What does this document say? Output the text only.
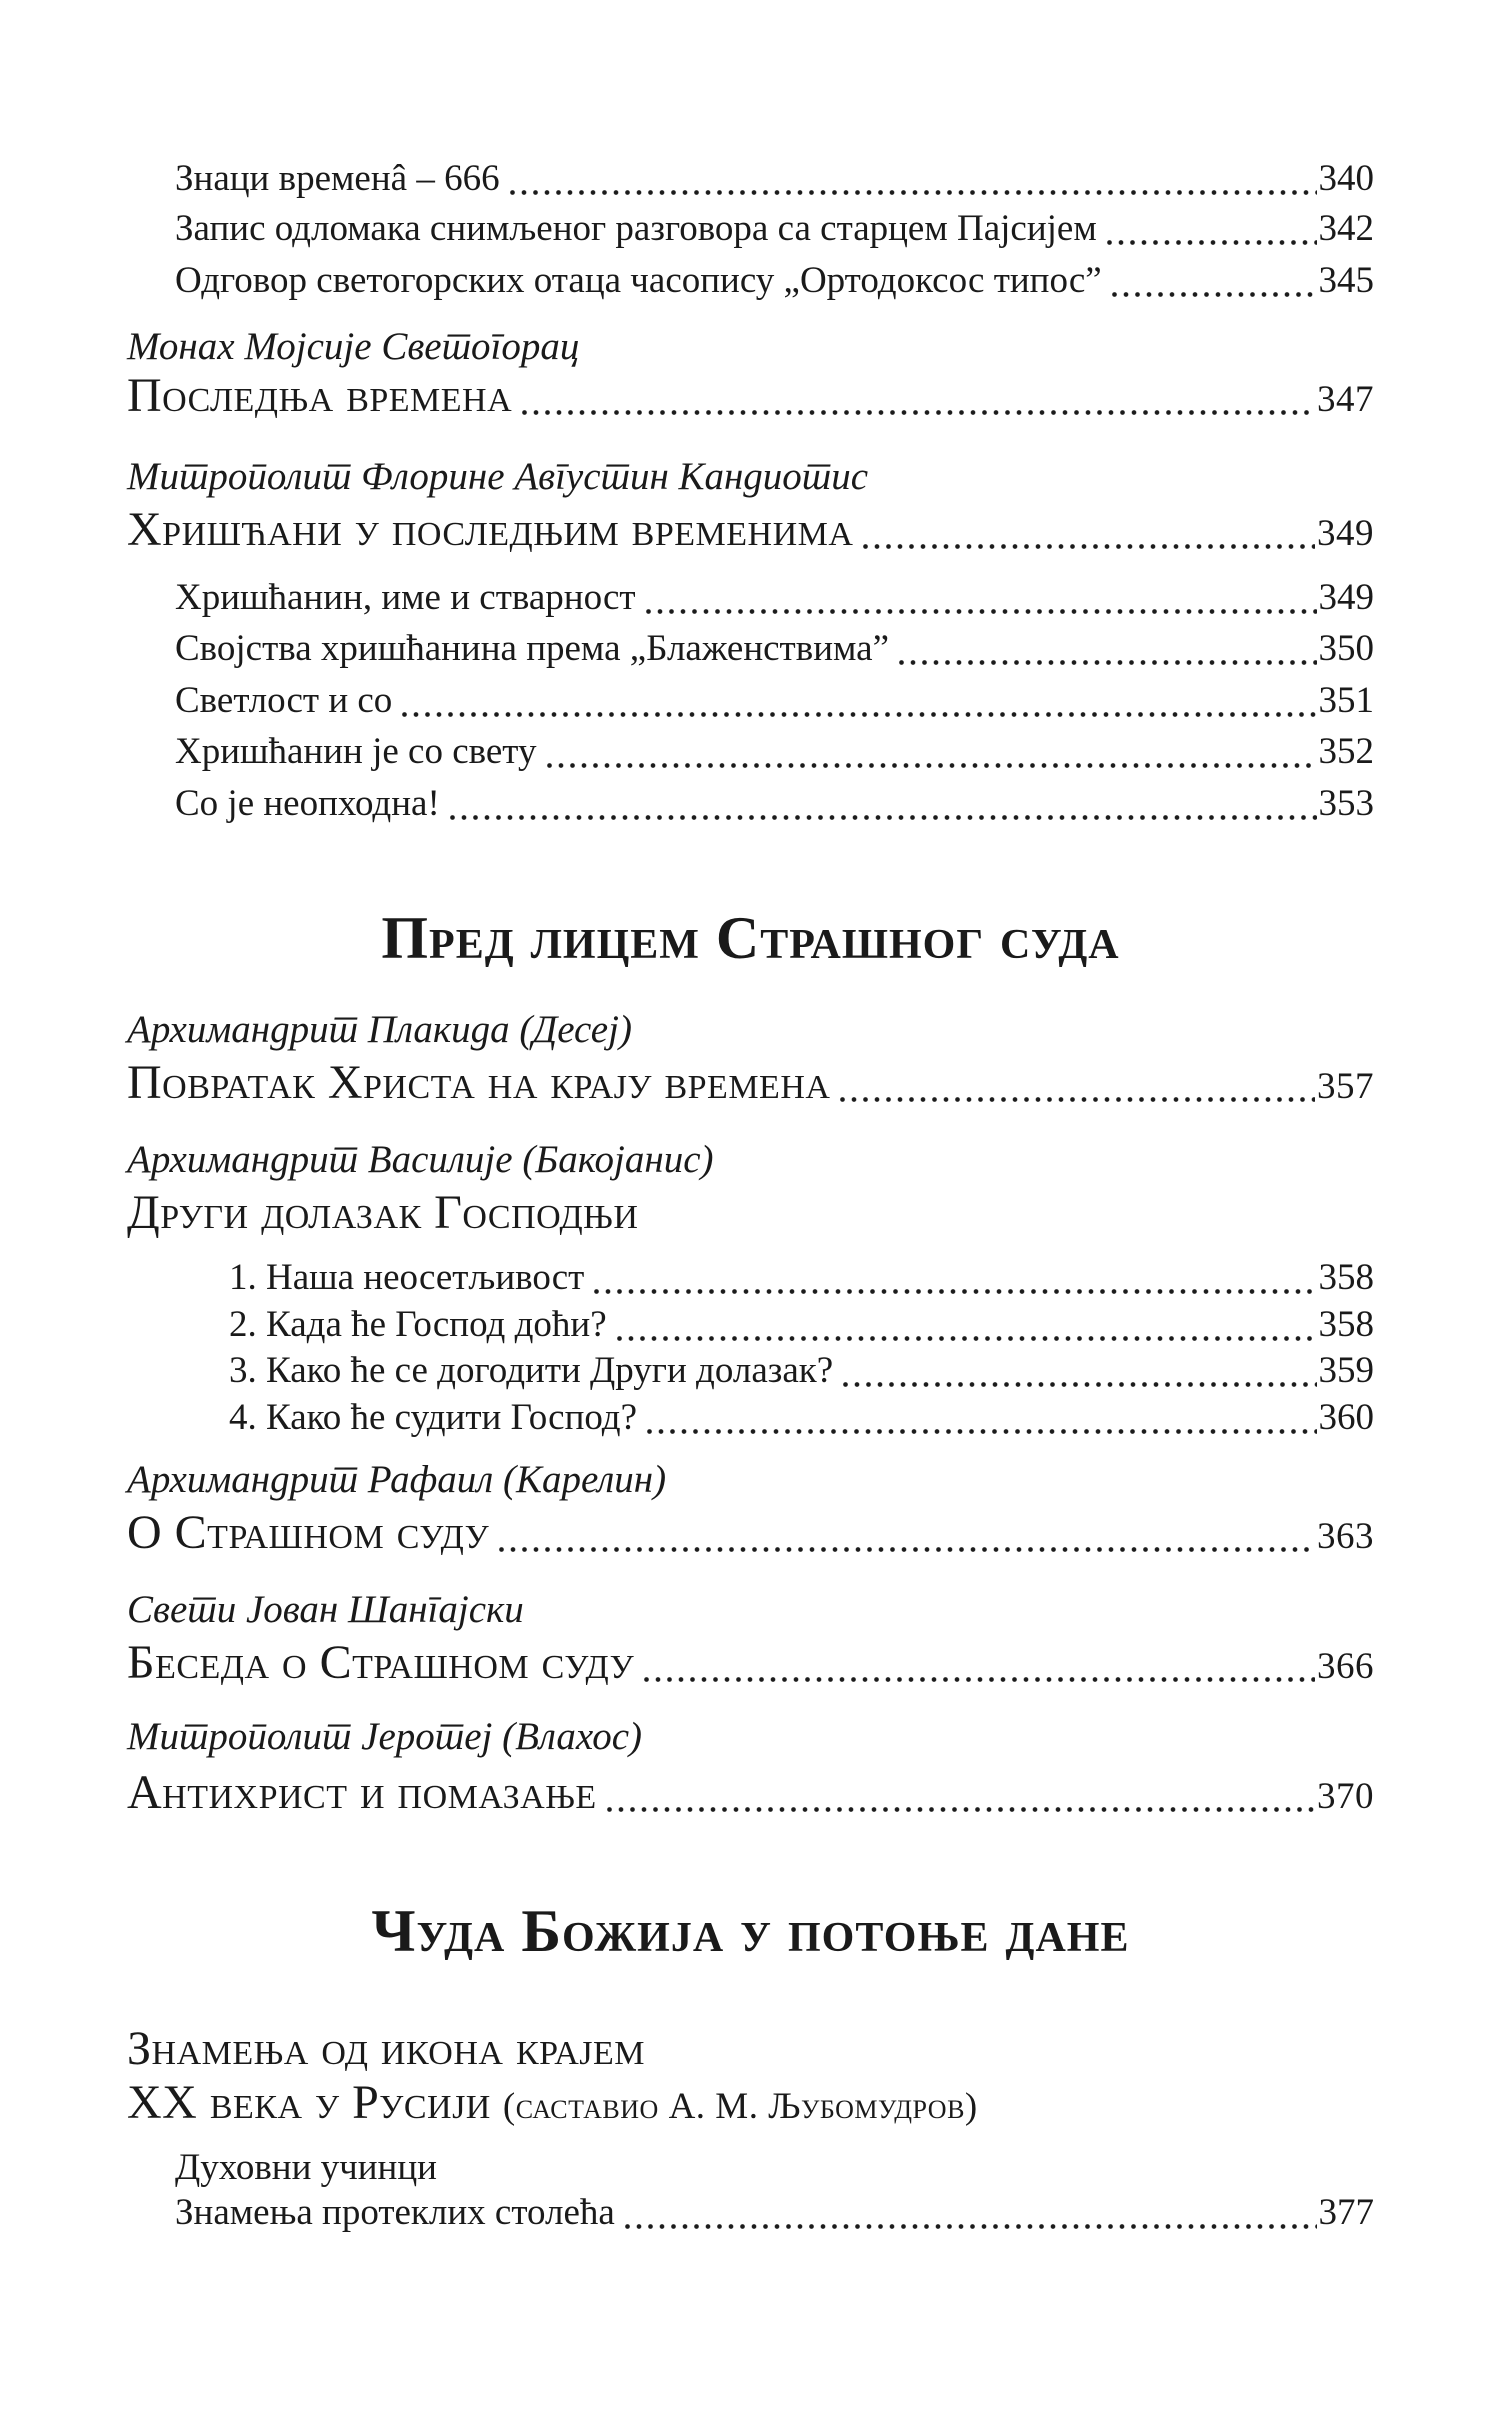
Знаци временâ – 666	340
Запис одломака снимљеног разговора са старцем Пајсијем	342
Одговор светогорских отаца часопису „Ортодоксос типос”	345
Монах Мојсије Светогорац
Последња времена	347
Митрополит Флорине Августин Кандиотис
Хришћани у последњим временима	349
Хришћанин, име и стварност	349
Својства хришћанина према „Блаженствима”	350
Светлост и со	351
Хришћанин је со свету	352
Со је неопходна!	353
Пред лицем Страшног суда
Архимандрит Плакида (Десеј)
Повратак Христа на крају времена	357
Архимандрит Василије (Бакојанис)
Други долазак Господњи
1. Наша неосетљивост	358
2. Када ће Господ доћи?	358
3. Како ће се догодити Други долазак?	359
4. Како ће судити Господ?	360
Архимандрит Рафаил (Карелин)
О Страшном суду	363
Свети Јован Шангајски
Беседа о Страшном суду	366
Митрополит Јеротеј (Влахос)
Антихрист и помазање	370
Чуда Божија у потоње дане
Знамења од икона крајем
ХХ века у Русији (саставио А. М. Љубомудров)
Духовни учинци
Знамења протеклих столећа	377
